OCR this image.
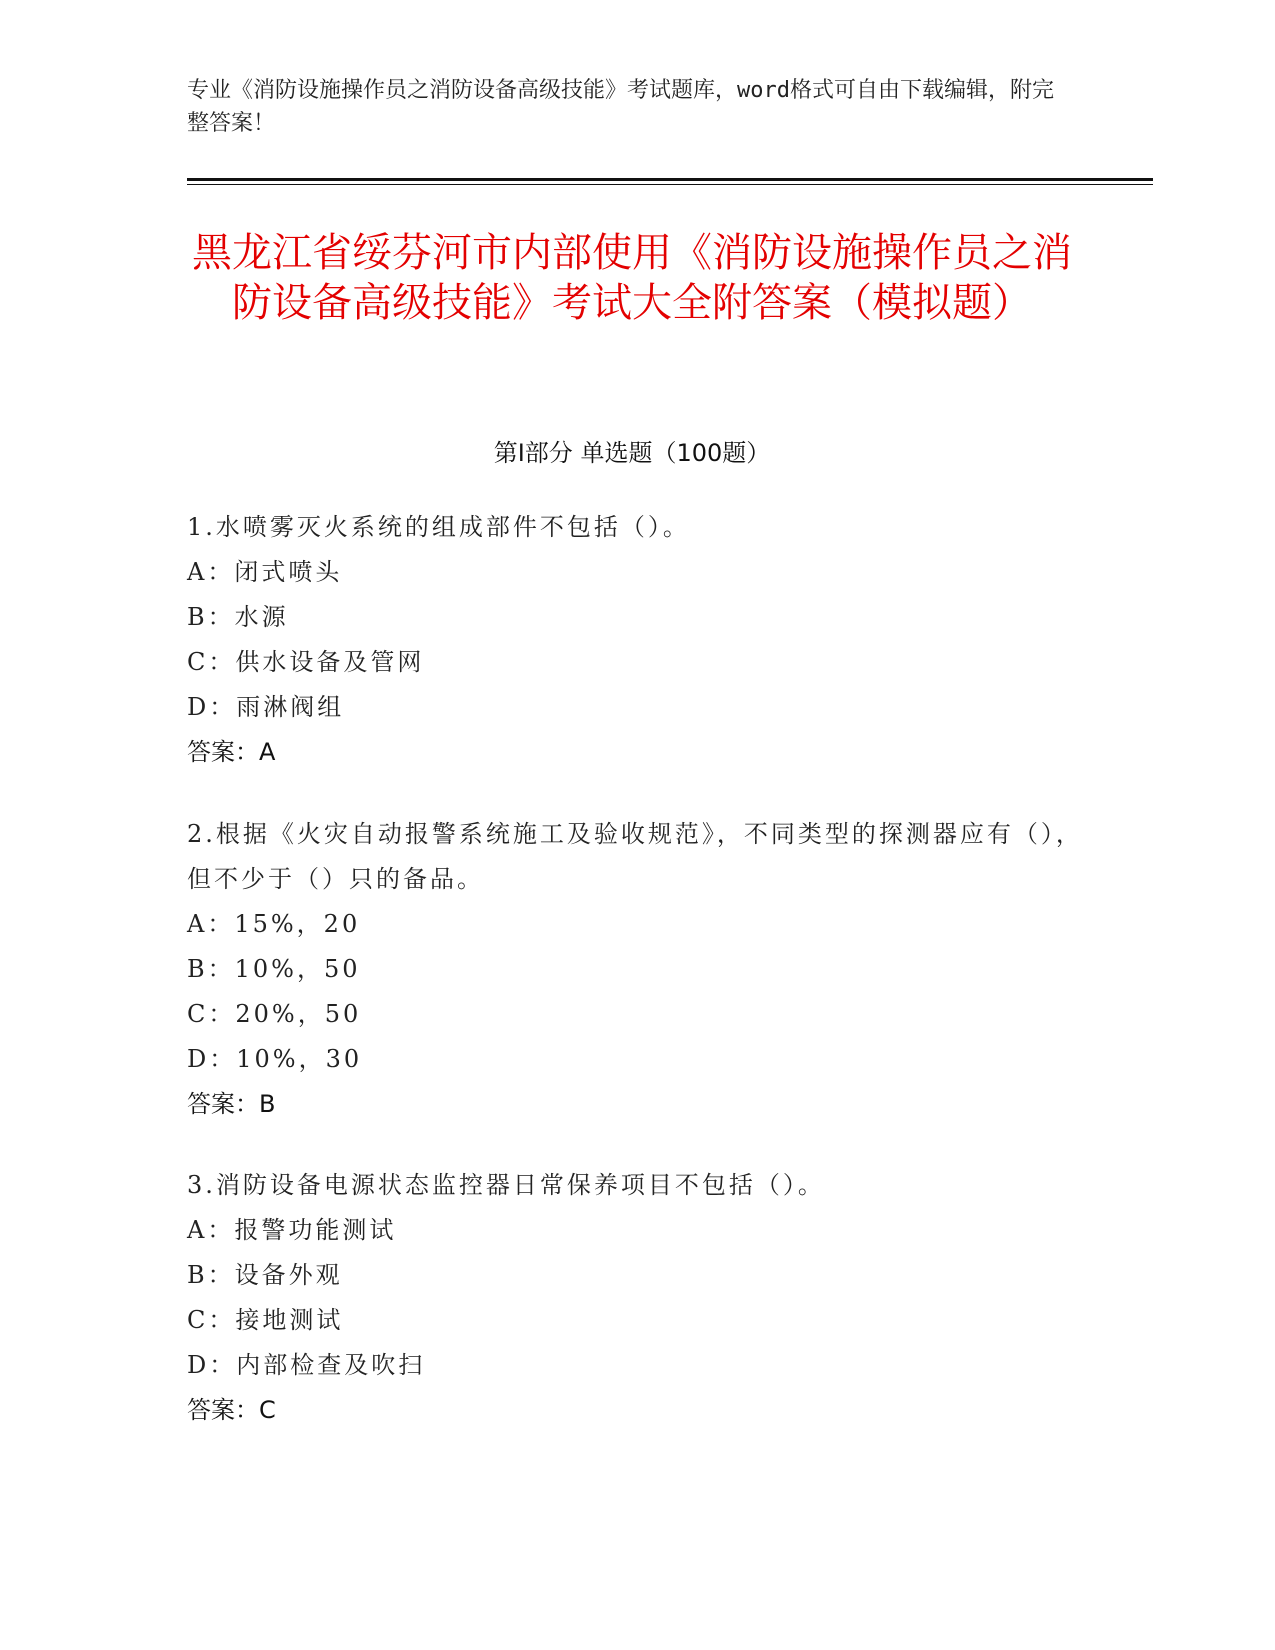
专业《消防设施操作员之消防设备高级技能》考试题库，word格式可自由下载编辑，附完整答案！
黑龙江省绥芬河市内部使用《消防设施操作员之消防设备高级技能》考试大全附答案（模拟题）
第I部分 单选题（100题）

1.水喷雾灭火系统的组成部件不包括（）。

A：闭式喷头

B：水源

C：供水设备及管网

D：雨淋阀组

答案：A

2.根据《火灾自动报警系统施工及验收规范》，不同类型的探测器应有（），但不少于（）只的备品。

A：15%，20

B：10%，50

C：20%，50

D：10%，30

答案：B

3.消防设备电源状态监控器日常保养项目不包括（）。

A：报警功能测试

B：设备外观

C：接地测试

D：内部检查及吹扫

答案：C
